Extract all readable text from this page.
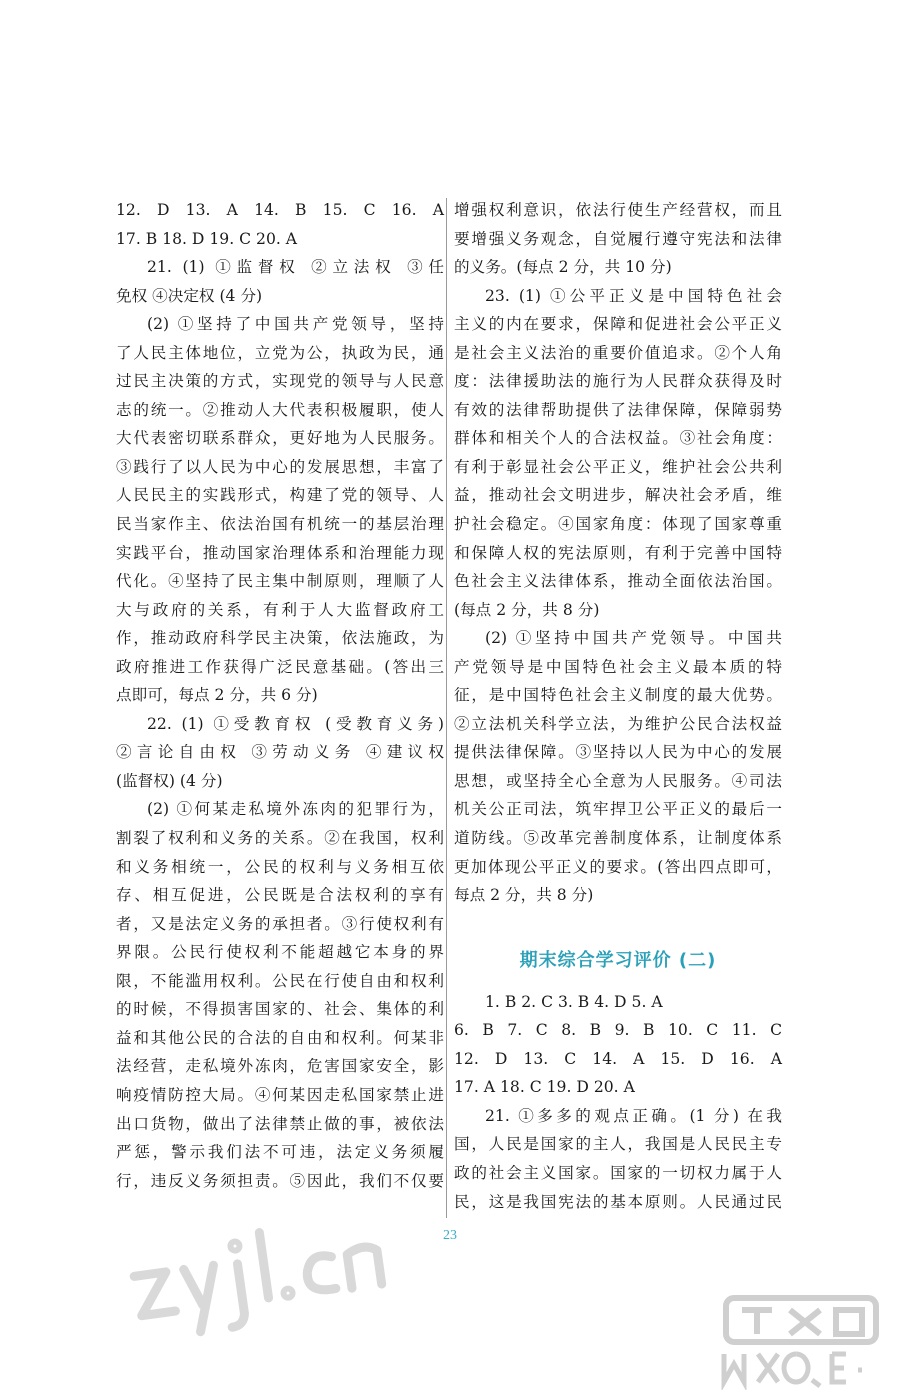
12. D 13. A 14. B 15. C 16. A
17. B 18. D 19. C 20. A
21. (1) ①监督权 ②立法权 ③任
免权 ④决定权 (4 分)
(2) ①坚持了中国共产党领导，坚持
了人民主体地位，立党为公，执政为民，通
过民主决策的方式，实现党的领导与人民意
志的统一。②推动人大代表积极履职，使人
大代表密切联系群众，更好地为人民服务。
③践行了以人民为中心的发展思想，丰富了
人民民主的实践形式，构建了党的领导、人
民当家作主、依法治国有机统一的基层治理
实践平台，推动国家治理体系和治理能力现
代化。④坚持了民主集中制原则，理顺了人
大与政府的关系，有利于人大监督政府工
作，推动政府科学民主决策，依法施政，为
政府推进工作获得广泛民意基础。(答出三
点即可，每点 2 分，共 6 分)
22. (1) ①受教育权 (受教育义务)
②言论自由权 ③劳动义务 ④建议权
(监督权) (4 分)
(2) ①何某走私境外冻肉的犯罪行为，
割裂了权利和义务的关系。②在我国，权利
和义务相统一，公民的权利与义务相互依
存、相互促进，公民既是合法权利的享有
者，又是法定义务的承担者。③行使权利有
界限。公民行使权利不能超越它本身的界
限，不能滥用权利。公民在行使自由和权利
的时候，不得损害国家的、社会、集体的利
益和其他公民的合法的自由和权利。何某非
法经营，走私境外冻肉，危害国家安全，影
响疫情防控大局。④何某因走私国家禁止进
出口货物，做出了法律禁止做的事，被依法
严惩，警示我们法不可违，法定义务须履
行，违反义务须担责。⑤因此，我们不仅要
增强权利意识，依法行使生产经营权，而且
要增强义务观念，自觉履行遵守宪法和法律
的义务。(每点 2 分，共 10 分)
23. (1) ①公平正义是中国特色社会
主义的内在要求，保障和促进社会公平正义
是社会主义法治的重要价值追求。②个人角
度：法律援助法的施行为人民群众获得及时
有效的法律帮助提供了法律保障，保障弱势
群体和相关个人的合法权益。③社会角度：
有利于彰显社会公平正义，维护社会公共利
益，推动社会文明进步，解决社会矛盾，维
护社会稳定。④国家角度：体现了国家尊重
和保障人权的宪法原则，有利于完善中国特
色社会主义法律体系，推动全面依法治国。
(每点 2 分，共 8 分)
(2) ①坚持中国共产党领导。中国共
产党领导是中国特色社会主义最本质的特
征，是中国特色社会主义制度的最大优势。
②立法机关科学立法，为维护公民合法权益
提供法律保障。③坚持以人民为中心的发展
思想，或坚持全心全意为人民服务。④司法
机关公正司法，筑牢捍卫公平正义的最后一
道防线。⑤改革完善制度体系，让制度体系
更加体现公平正义的要求。(答出四点即可，
每点 2 分，共 8 分)
期末综合学习评价 (二)
1. B 2. C 3. B 4. D 5. A
6. B 7. C 8. B 9. B 10. C 11. C
12. D 13. C 14. A 15. D 16. A
17. A 18. C 19. D 20. A
21. ①多多的观点正确。(1 分) 在我
国，人民是国家的主人，我国是人民民主专
政的社会主义国家。国家的一切权力属于人
民，这是我国宪法的基本原则。人民通过民
23
